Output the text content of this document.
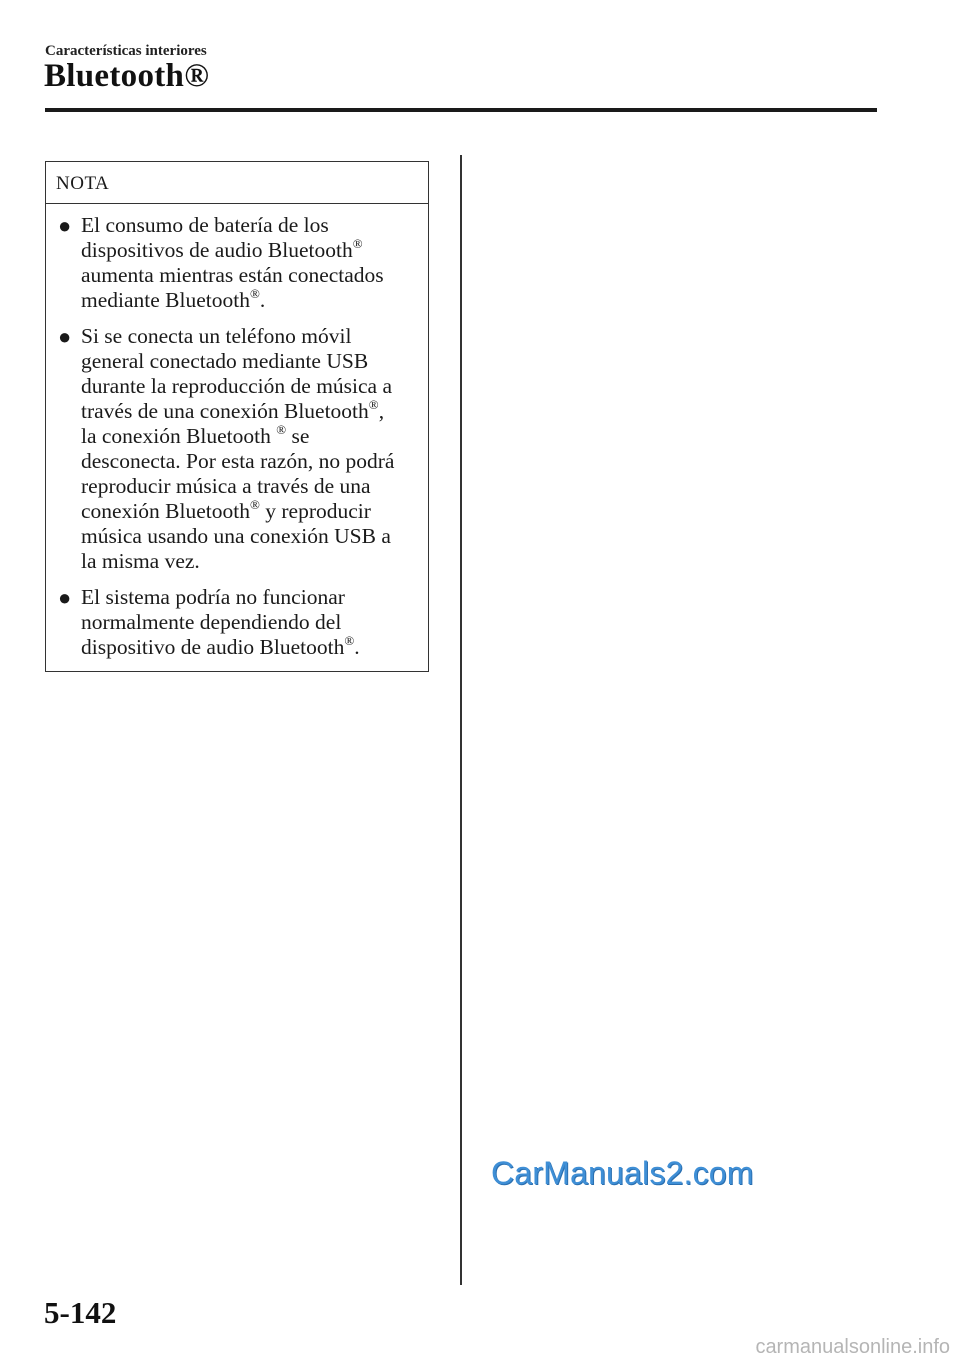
Características interiores
Bluetooth®
NOTA
● El consumo de batería de los
dispositivos de audio Bluetooth®
aumenta mientras están conectados
mediante Bluetooth®.
● Si se conecta un teléfono móvil
general conectado mediante USB
durante la reproducción de música a
través de una conexión Bluetooth®,
la conexión Bluetooth ® se
desconecta. Por esta razón, no podrá
reproducir música a través de una
conexión Bluetooth® y reproducir
música usando una conexión USB a
la misma vez.
● El sistema podría no funcionar
normalmente dependiendo del
dispositivo de audio Bluetooth®.
CarManuals2.com
5-142
carmanualsonline.info
